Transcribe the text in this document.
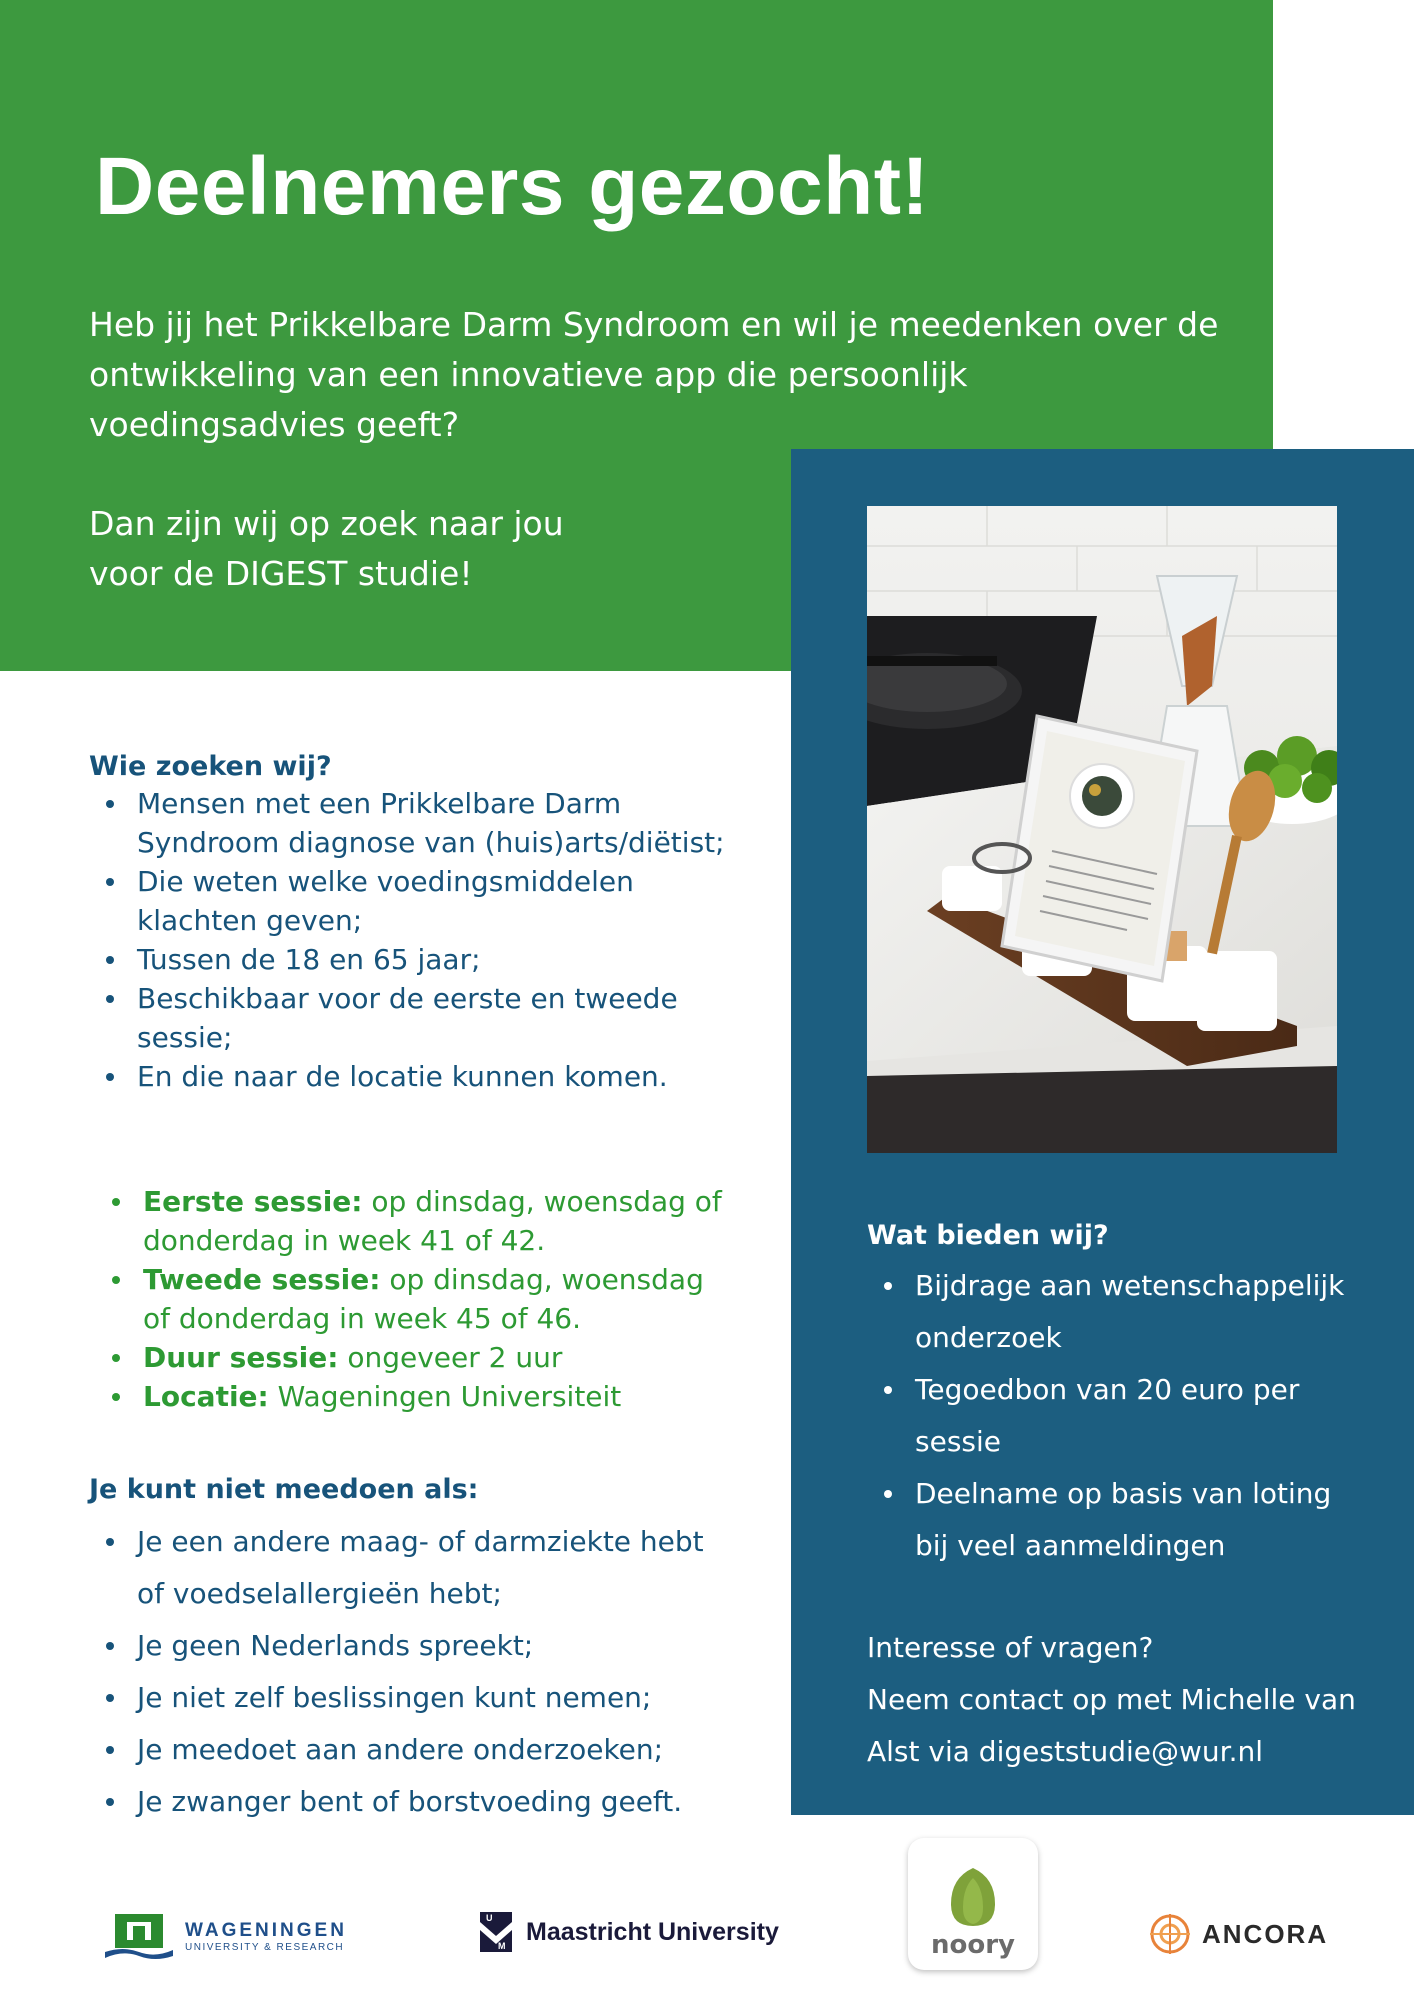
Deelnemers gezocht!

Heb jij het Prikkelbare Darm Syndroom en wil je meedenken over de ontwikkeling van een innovatieve app die persoonlijk voedingsadvies geeft?

Dan zijn wij op zoek naar jou
voor de DIGEST studie!
Wie zoeken wij?
Mensen met een Prikkelbare Darm Syndroom diagnose van (huis)arts/diëtist;
Die weten welke voedingsmiddelen klachten geven;
Tussen de 18 en 65 jaar;
Beschikbaar voor de eerste en tweede sessie;
En die naar de locatie kunnen komen.
Eerste sessie: op dinsdag, woensdag of donderdag in week 41 of 42.
Tweede sessie: op dinsdag, woensdag of donderdag in week 45 of 46.
Duur sessie: ongeveer 2 uur
Locatie: Wageningen Universiteit
Je kunt niet meedoen als:
Je een andere maag- of darmziekte hebt of voedselallergieën hebt;
Je geen Nederlands spreekt;
Je niet zelf beslissingen kunt nemen;
Je meedoet aan andere onderzoeken;
Je zwanger bent of borstvoeding geeft.
Wat bieden wij?
Bijdrage aan wetenschappelijk onderzoek
Tegoedbon van 20 euro per sessie
Deelname op basis van loting bij veel aanmeldingen
Interesse of vragen?
Neem contact op met Michelle van Alst via digeststudie@wur.nl
WAGENINGEN
UNIVERSITY & RESEARCH
U
M
Maastricht University	noory	ANCORA
